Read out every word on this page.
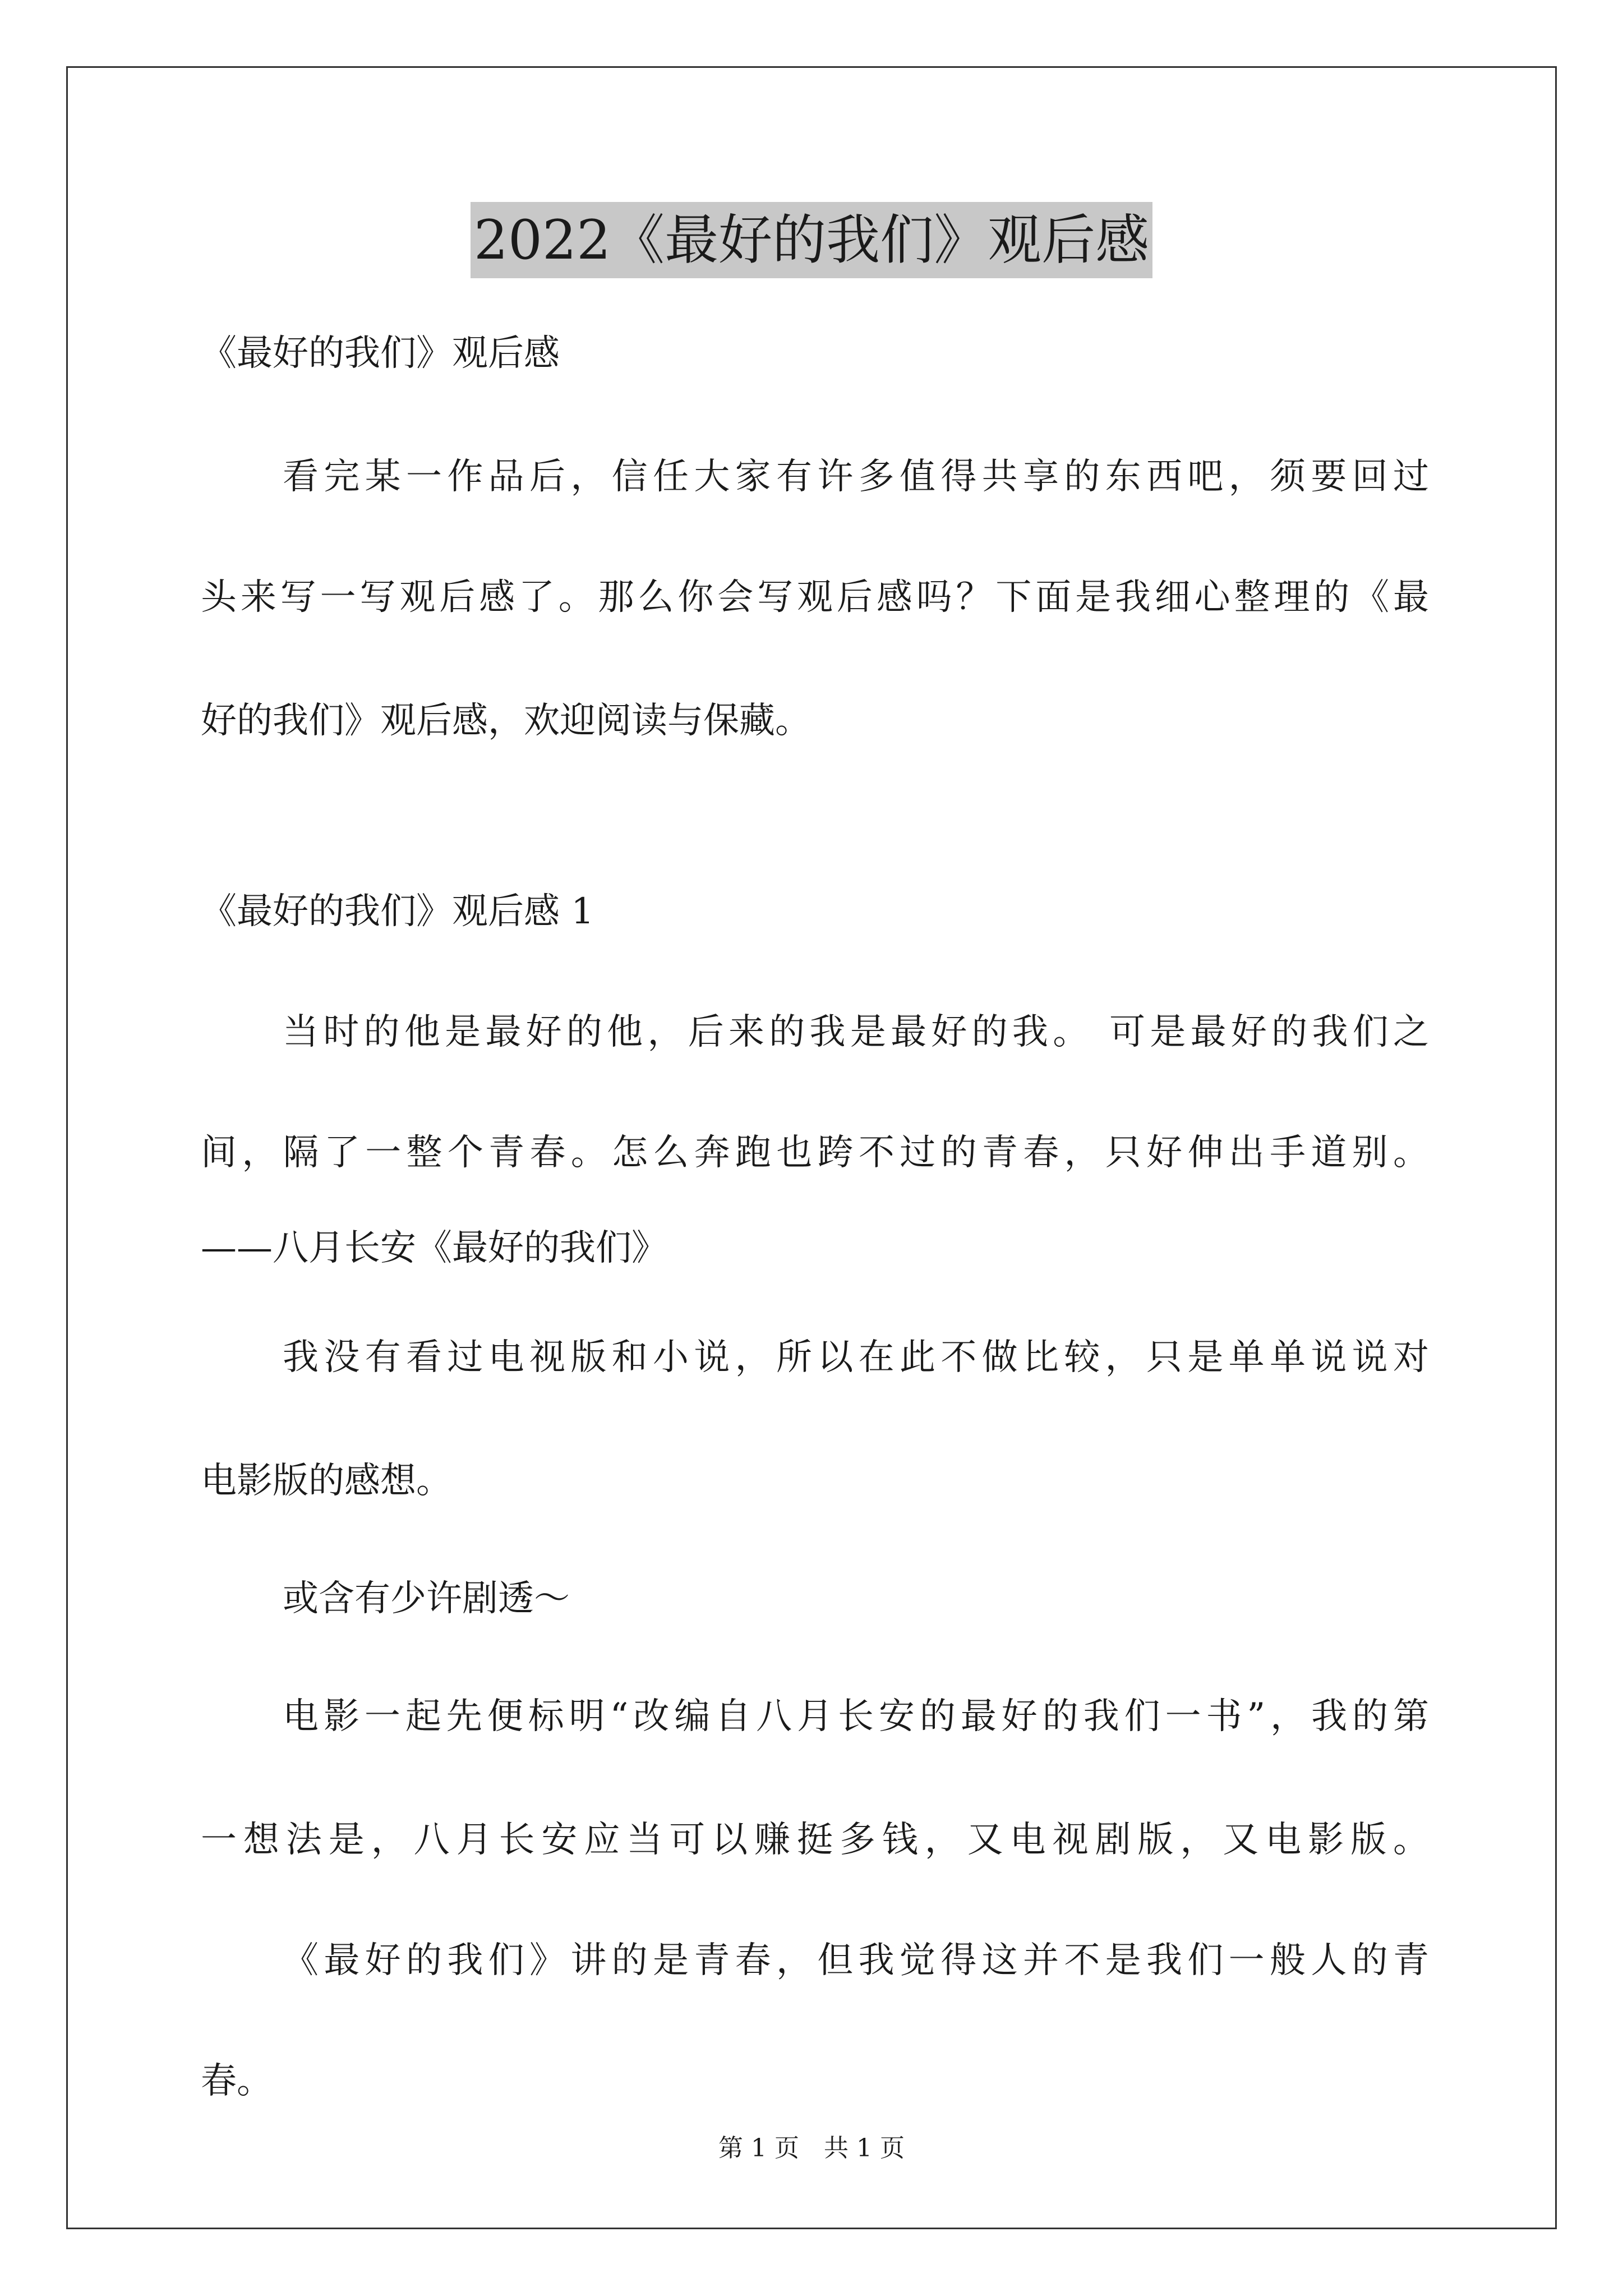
2022《最好的我们》观后感
《最好的我们》观后感
看完某一作品后，信任大家有许多值得共享的东西吧，须要回过
头来写一写观后感了。那么你会写观后感吗？下面是我细心整理的《最
好的我们》观后感，欢迎阅读与保藏。
《最好的我们》观后感 1
当时的他是最好的他，后来的我是最好的我。 可是最好的我们之
间，隔了一整个青春。怎么奔跑也跨不过的青春，只好伸出手道别。
——八月长安《最好的我们》
我没有看过电视版和小说，所以在此不做比较，只是单单说说对
电影版的感想。
或含有少许剧透～
电影一起先便标明“改编自八月长安的最好的我们一书”，我的第
一想法是，八月长安应当可以赚挺多钱，又电视剧版，又电影版。
《最好的我们》讲的是青春，但我觉得这并不是我们一般人的青
春。
第 1 页　共 1 页
